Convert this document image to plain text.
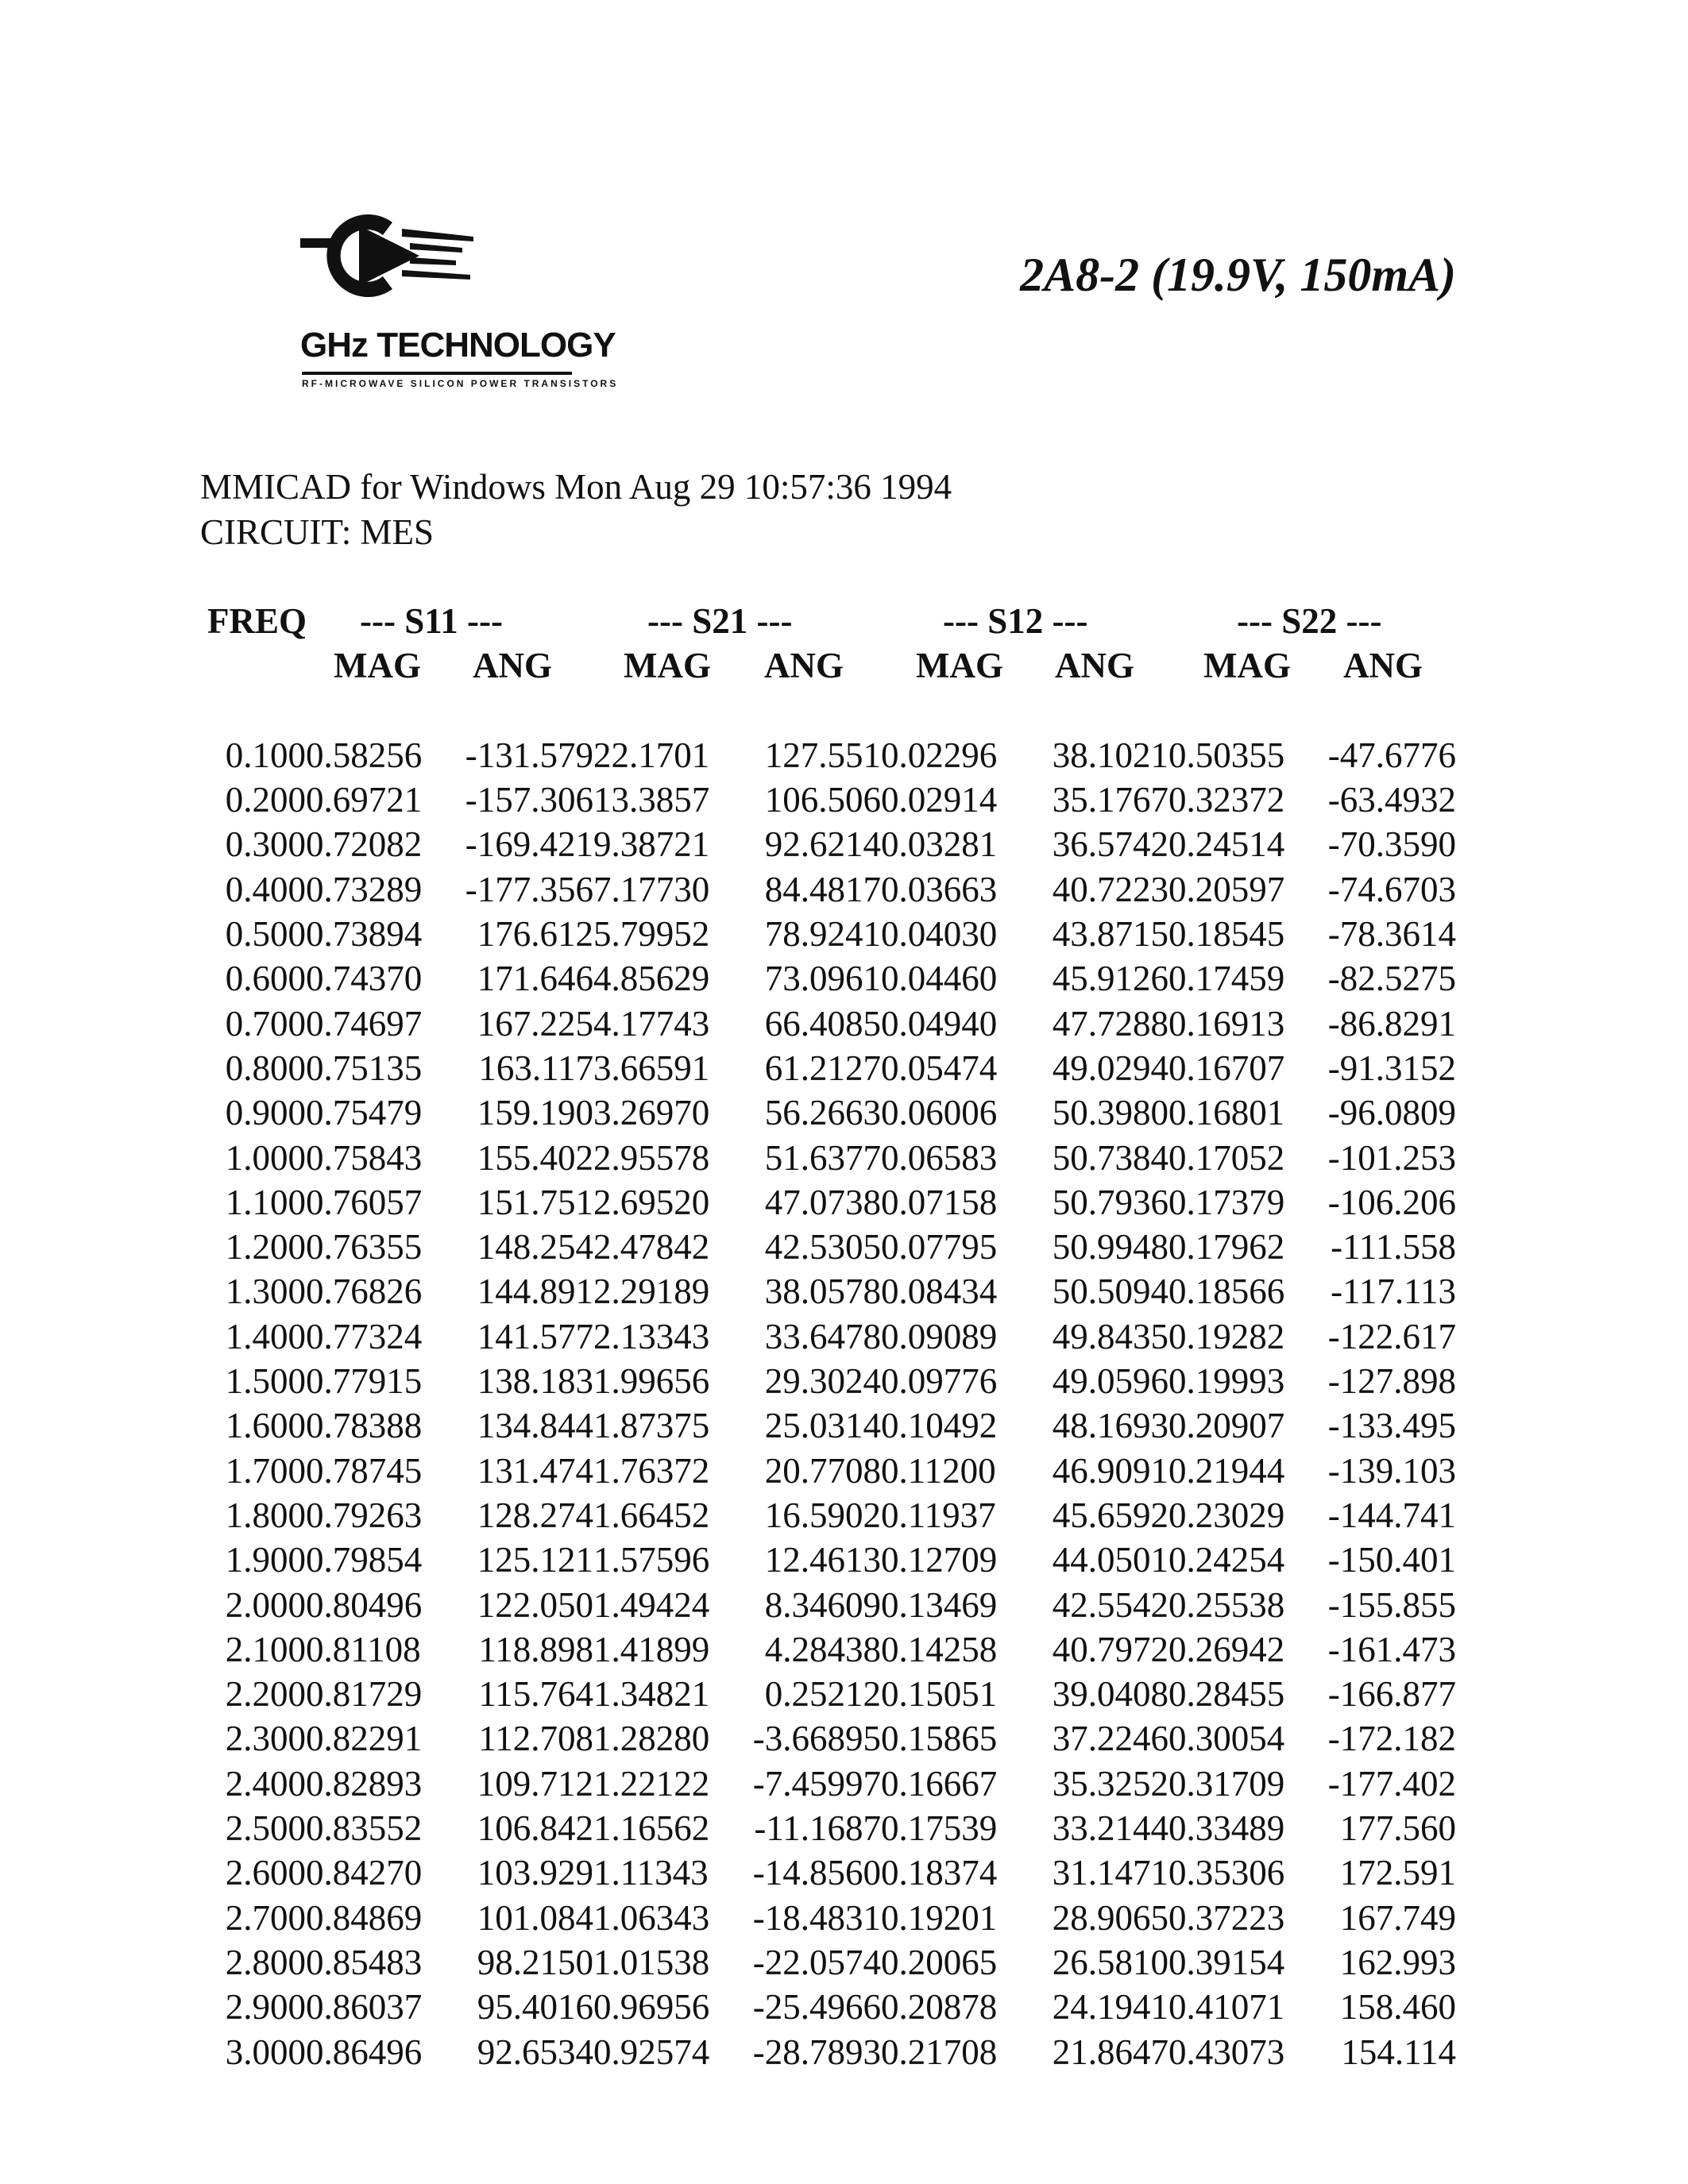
GHz TECHNOLOGY
RF-MICROWAVE SILICON POWER TRANSISTORS
2A8-2 (19.9V, 150mA)
MMICAD for Windows Mon Aug 29 10:57:36 1994
CIRCUIT: MES
FREQ --- S11 ---	--- S21 ---	--- S12 ---	--- S22 ---
MAG ANG MAG ANG MAG ANG MAG ANG
0.100 0.58256	-131.579 22.1701	127.551 0.02296	38.1021 0.50355	-47.6776
0.200 0.69721	-157.306 13.3857	106.506 0.02914	35.1767 0.32372	-63.4932
0.300 0.72082	-169.421 9.38721	92.6214 0.03281	36.5742 0.24514	-70.3590
0.400 0.73289	-177.356 7.17730	84.4817 0.03663	40.7223 0.20597	-74.6703
0.500 0.73894	176.612 5.79952	78.9241 0.04030	43.8715 0.18545	-78.3614
0.600 0.74370	171.646 4.85629	73.0961 0.04460	45.9126 0.17459	-82.5275
0.700 0.74697	167.225 4.17743	66.4085 0.04940	47.7288 0.16913	-86.8291
0.800 0.75135	163.117 3.66591	61.2127 0.05474	49.0294 0.16707	-91.3152
0.900 0.75479	159.190 3.26970	56.2663 0.06006	50.3980 0.16801	-96.0809
1.000 0.75843	155.402 2.95578	51.6377 0.06583	50.7384 0.17052	-101.253
1.100 0.76057	151.751 2.69520	47.0738 0.07158	50.7936 0.17379	-106.206
1.200 0.76355	148.254 2.47842	42.5305 0.07795	50.9948 0.17962	-111.558
1.300 0.76826	144.891 2.29189	38.0578 0.08434	50.5094 0.18566	-117.113
1.400 0.77324	141.577 2.13343	33.6478 0.09089	49.8435 0.19282	-122.617
1.500 0.77915	138.183 1.99656	29.3024 0.09776	49.0596 0.19993	-127.898
1.600 0.78388	134.844 1.87375	25.0314 0.10492	48.1693 0.20907	-133.495
1.700 0.78745	131.474 1.76372	20.7708 0.11200	46.9091 0.21944	-139.103
1.800 0.79263	128.274 1.66452	16.5902 0.11937	45.6592 0.23029	-144.741
1.900 0.79854	125.121 1.57596	12.4613 0.12709	44.0501 0.24254	-150.401
2.000 0.80496	122.050 1.49424	8.34609 0.13469	42.5542 0.25538	-155.855
2.100 0.81108	118.898 1.41899	4.28438 0.14258	40.7972 0.26942	-161.473
2.200 0.81729	115.764 1.34821	0.25212 0.15051	39.0408 0.28455	-166.877
2.300 0.82291	112.708 1.28280	-3.66895 0.15865	37.2246 0.30054	-172.182
2.400 0.82893	109.712 1.22122	-7.45997 0.16667	35.3252 0.31709	-177.402
2.500 0.83552	106.842 1.16562	-11.1687 0.17539	33.2144 0.33489	177.560
2.600 0.84270	103.929 1.11343	-14.8560 0.18374	31.1471 0.35306	172.591
2.700 0.84869	101.084 1.06343	-18.4831 0.19201	28.9065 0.37223	167.749
2.800 0.85483	98.2150 1.01538	-22.0574 0.20065	26.5810 0.39154	162.993
2.900 0.86037	95.4016 0.96956	-25.4966 0.20878	24.1941 0.41071	158.460
3.000 0.86496	92.6534 0.92574	-28.7893 0.21708	21.8647 0.43073	154.114
